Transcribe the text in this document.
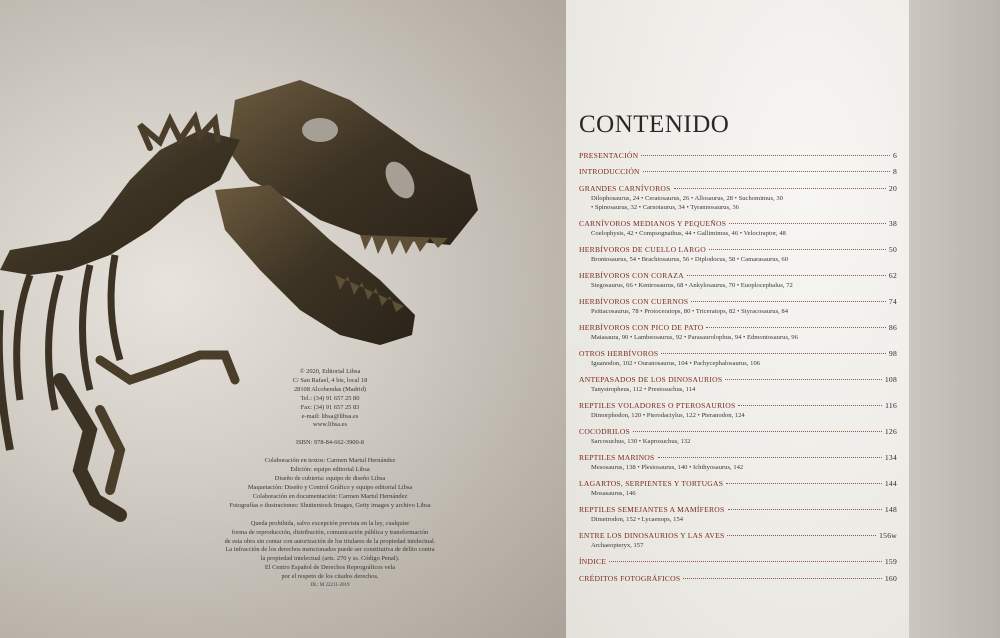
© 2020, Editorial Libsa
C/ San Rafael, 4 bis, local 18
28108 Alcobendas (Madrid)
Tel.: (34) 91 657 25 80
Fax: (34) 91 657 25 83
e-mail: libsa@libsa.es
www.libsa.es
ISBN: 978-84-662-3900-8
Colaboración en textos: Carmen Martul Hernández
Edición: equipo editorial Libsa
Diseño de cubierta: equipo de diseño Libsa
Maquetación: Diseño y Control Gráfico y equipo editorial Libsa
Colaboración en documentación: Carmen Martul Hernández
Fotografías e ilustraciones: Shutterstock Images, Getty images y archivo Libsa
Queda prohibida, salvo excepción prevista en la ley, cualquier
forma de reproducción, distribución, comunicación pública y transformación
de esta obra sin contar con autorización de los titulares de la propiedad intelectual.
La infracción de los derechos mencionados puede ser constitutiva de delito contra
la propiedad intelectual (arts. 270 y ss. Código Penal).
El Centro Español de Derechos Reprográficos vela
por el respeto de los citados derechos.
DL: M 22211-2019
CONTENIDO
PRESENTACIÓN	6
INTRODUCCIÓN	8
GRANDES CARNÍVOROS	20
Dilophosaurus, 24 • Ceratosaurus, 26 • Allosaurus, 28 • Suchomimus, 30
• Spinosaurus, 32 • Carnotaurus, 34 • Tyrannosaurus, 36
CARNÍVOROS MEDIANOS Y PEQUEÑOS	38
Coelophysis, 42 • Compsognathus, 44 • Gallimimus, 46 • Velociraptor, 48
HERBÍVOROS DE CUELLO LARGO	50
Brontosaurus, 54 • Brachiosaurus, 56 • Diplodocus, 58 • Camarasaurus, 60
HERBÍVOROS CON CORAZA	62
Stegosaurus, 66 • Kentrosaurus, 68 • Ankylosaurus, 70 • Euoplocephalus, 72
HERBÍVOROS CON CUERNOS	74
Psittacosaurus, 78 • Protoceratops, 80 • Triceratops, 82 • Styracosaurus, 84
HERBÍVOROS CON PICO DE PATO	86
Maiasaura, 90 • Lambeosaurus, 92 • Parasaurolophus, 94 • Edmontosaurus, 96
OTROS HERBÍVOROS	98
Iguanodon, 102 • Ouranosaurus, 104 • Pachycephalosaurus, 106
ANTEPASADOS DE LOS DINOSAURIOS	108
Tanystropheus, 112 • Prestosuchus, 114
REPTILES VOLADORES O PTEROSAURIOS	116
Dimorphodon, 120 • Pterodactylus, 122 • Pteranodon, 124
COCODRILOS	126
Sarcosuchus, 130 • Kaprosuchus, 132
REPTILES MARINOS	134
Mesosaurus, 138 • Plesiosaurus, 140 • Ichthyosaurus, 142
LAGARTOS, SERPIENTES Y TORTUGAS	144
Mosasaurus, 146
REPTILES SEMEJANTES A MAMÍFEROS	148
Dimetrodon, 152 • Lycaenops, 154
ENTRE LOS DINOSAURIOS Y LAS AVES	156w
Archaeopteryx, 157
ÍNDICE	159
CRÉDITOS FOTOGRÁFICOS	160
